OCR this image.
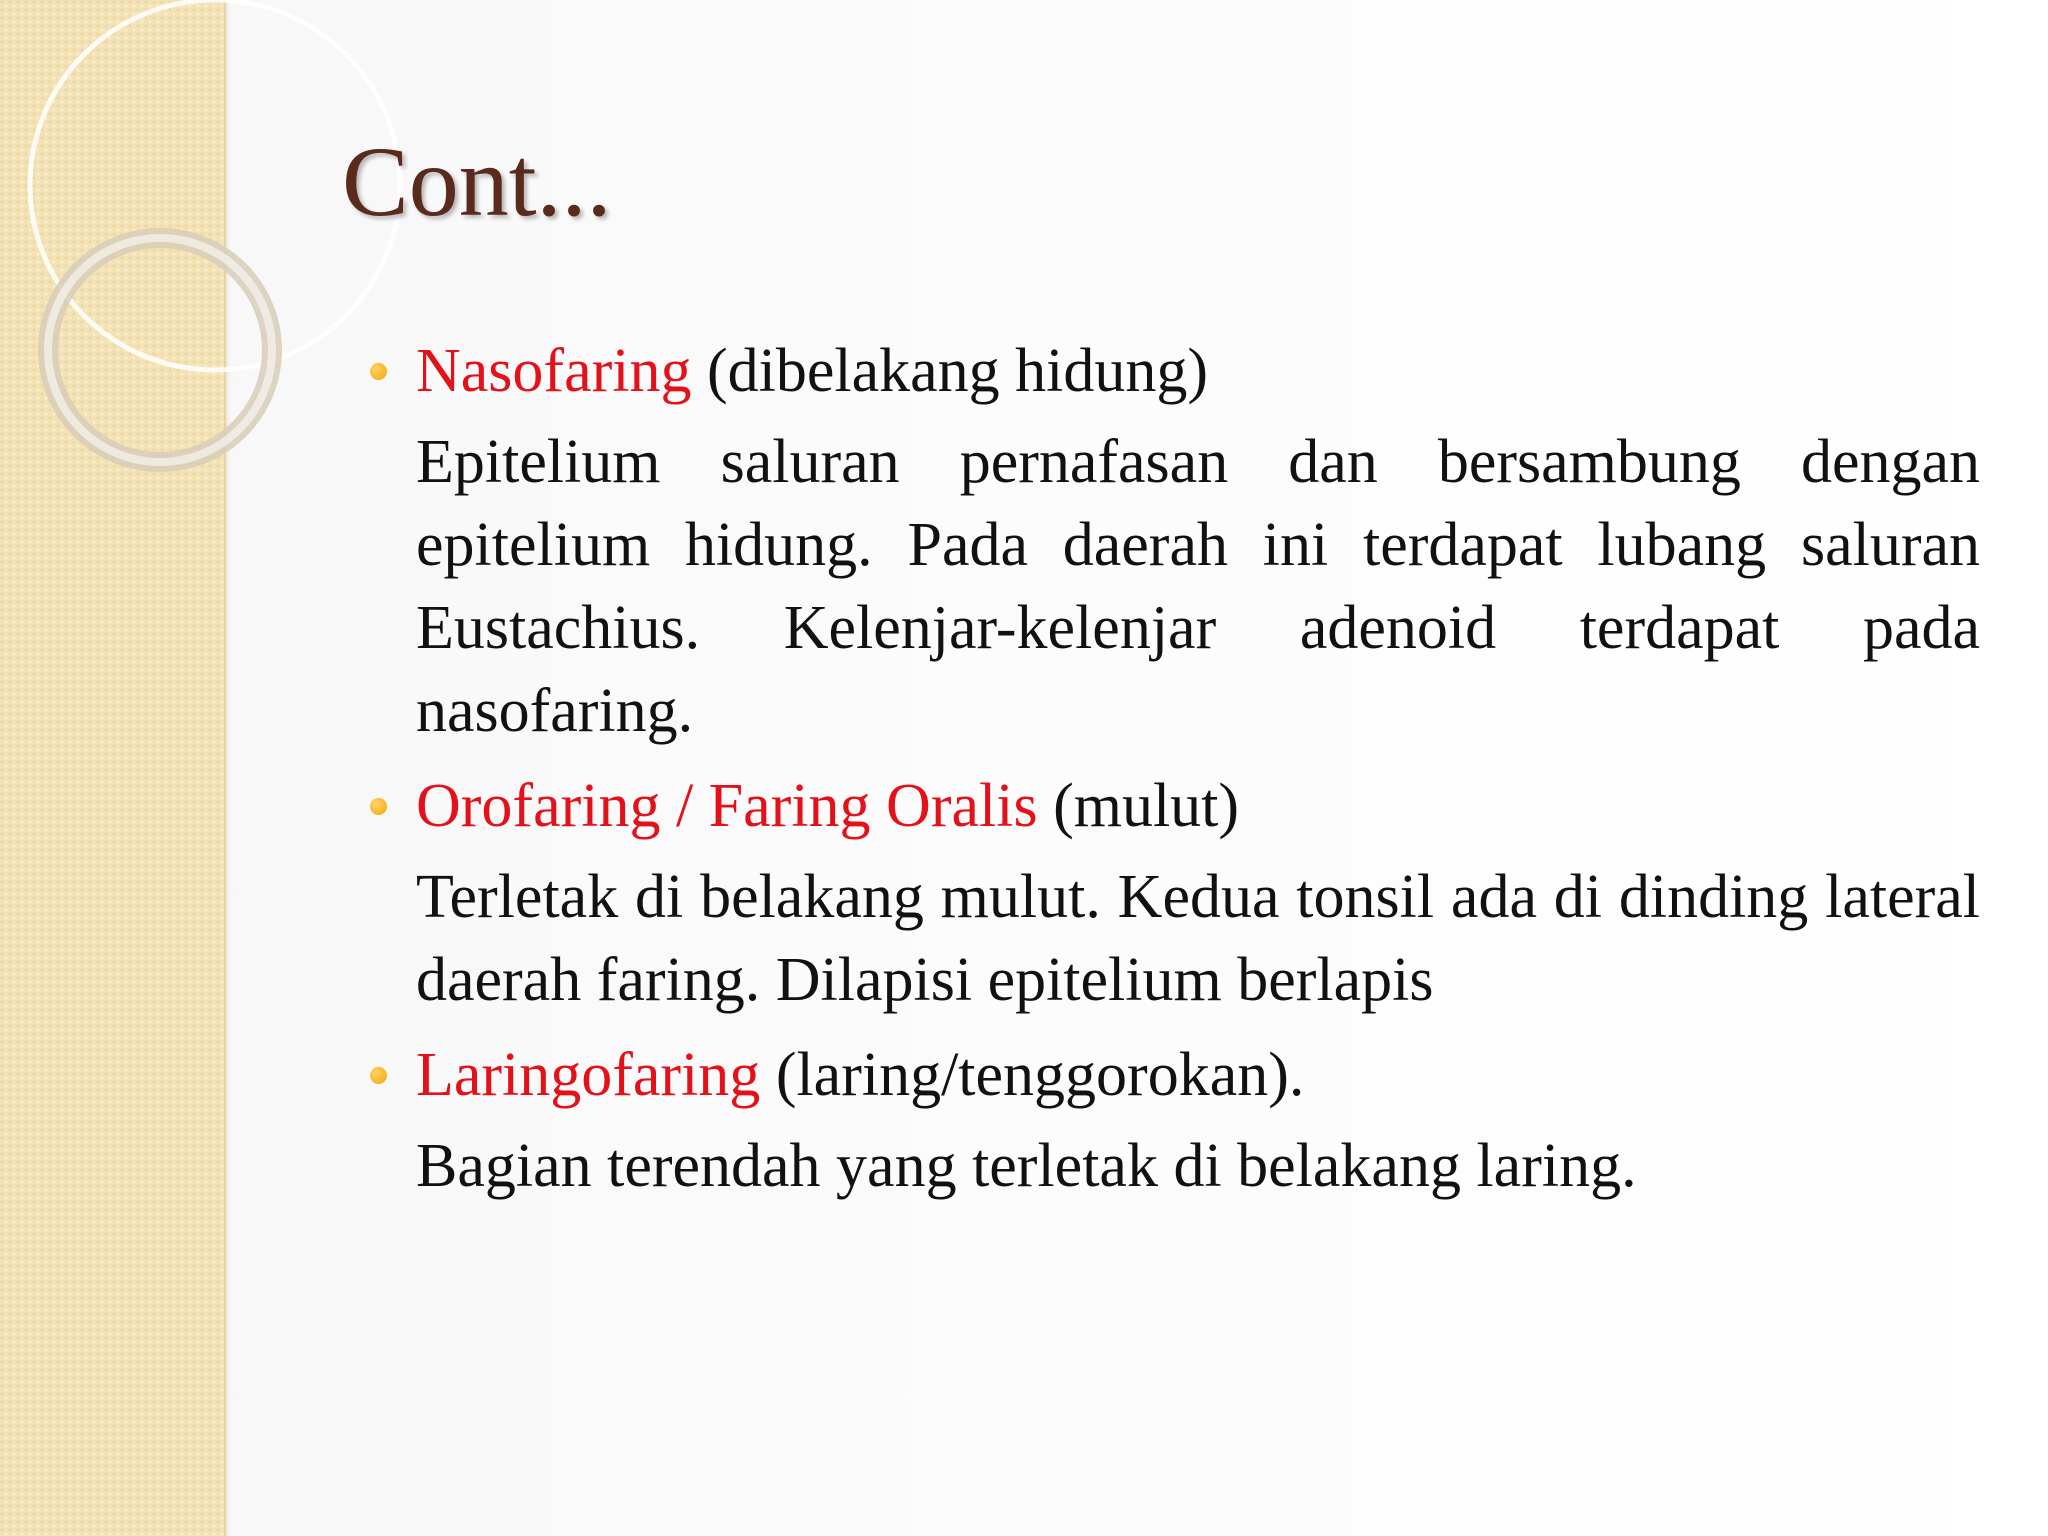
Cont...

Nasofaring (dibelakang hidung)

Epitelium saluran pernafasan dan bersambung dengan epitelium hidung. Pada daerah ini terdapat lubang saluran Eustachius. Kelenjar-kelenjar adenoid terdapat pada nasofaring.

Orofaring / Faring Oralis (mulut)

Terletak di belakang mulut. Kedua tonsil ada di dinding lateral daerah faring. Dilapisi epitelium berlapis

Laringofaring (laring/tenggorokan).

Bagian terendah yang terletak di belakang laring.
